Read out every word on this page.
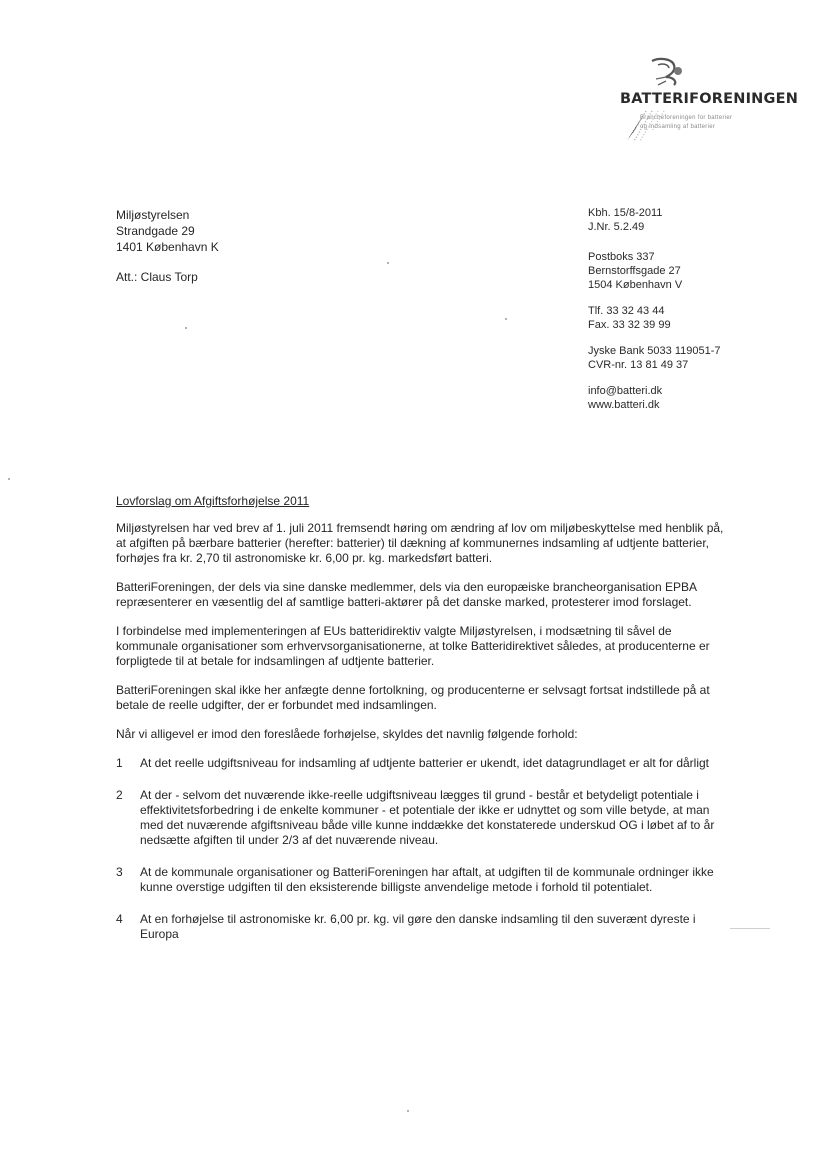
BATTERIFORENINGEN
Brancheforeningen for batterier
og indsamling af batterier
Miljøstyrelsen
Strandgade 29
1401 København K
Att.: Claus Torp
Kbh. 15/8-2011
J.Nr. 5.2.49
Postboks 337
Bernstorffsgade 27
1504 København V
Tlf. 33 32 43 44
Fax. 33 32 39 99
Jyske Bank 5033 119051-7
CVR-nr. 13 81 49 37
info@batteri.dk
www.batteri.dk
Lovforslag om Afgiftsforhøjelse 2011

Miljøstyrelsen har ved brev af 1. juli 2011 fremsendt høring om ændring af lov om miljøbeskyttelse med henblik på, at afgiften på bærbare batterier (herefter: batterier) til dækning af kommunernes indsamling af udtjente batterier, forhøjes fra kr. 2,70 til astronomiske kr. 6,00 pr. kg. markedsført batteri.

BatteriForeningen, der dels via sine danske medlemmer, dels via den europæiske brancheorganisation EPBA repræsenterer en væsentlig del af samtlige batteri-aktører på det danske marked, protesterer imod forslaget.

I forbindelse med implementeringen af EUs batteridirektiv valgte Miljøstyrelsen, i modsætning til såvel de kommunale organisationer som erhvervsorganisationerne, at tolke Batteridirektivet således, at producenterne er forpligtede til at betale for indsamlingen af udtjente batterier.

BatteriForeningen skal ikke her anfægte denne fortolkning, og producenterne er selvsagt fortsat indstillede på at betale de reelle udgifter, der er forbundet med indsamlingen.

Når vi alligevel er imod den foreslåede forhøjelse, skyldes det navnlig følgende forhold:
1 At det reelle udgiftsniveau for indsamling af udtjente batterier er ukendt, idet datagrundlaget er alt for dårligt
2 At der - selvom det nuværende ikke-reelle udgiftsniveau lægges til grund - består et betydeligt potentiale i effektivitetsforbedring i de enkelte kommuner - et potentiale der ikke er udnyttet og som ville betyde, at man med det nuværende afgiftsniveau både ville kunne inddække det konstaterede underskud OG i løbet af to år nedsætte afgiften til under 2/3 af det nuværende niveau.
3 At de kommunale organisationer og BatteriForeningen har aftalt, at udgiften til de kommunale ordninger ikke kunne overstige udgiften til den eksisterende billigste anvendelige metode i forhold til potentialet.
4 At en forhøjelse til astronomiske kr. 6,00 pr. kg. vil gøre den danske indsamling til den suverænt dyreste i Europa
